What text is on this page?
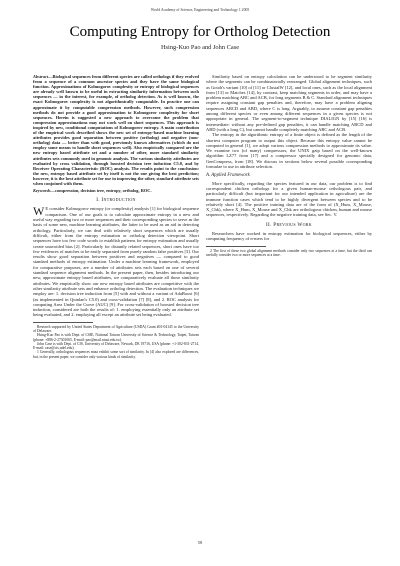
World Academy of Science, Engineering and Technology 1 2005
Computing Entropy for Ortholog Detection
Hsing-Kuo Pao and John Case
Abstract—Biological sequences from different species are called orthologs if they evolved from a sequence of a common ancestor species and they have the same biological function. Approximations of Kolmogorov complexity or entropy of biological sequences are already well known to be useful in extracting similarity information between such sequences — in the interest, for example, of ortholog detection. As is well known, the exact Kolmogorov complexity is not algorithmically computable. In practice one can approximate it by computable compression methods. However, such compression methods do not provide a good approximation to Kolmogorov complexity for short sequences. Herein is suggested a new approach to overcome the problem that compression approximations may not work well on short sequences. This approach is inspired by new, conditional computations of Kolmogorov entropy. A main contribution of the empirical work described shows the new set of entropy-based machine learning attributes provides good separation between positive (ortholog) and negative (non-ortholog) data — better than with good, previously known alternatives (which do not employ some means to handle short sequences well). Also empirically compared are the new entropy based attribute set and a number of other, more standard similarity attributes sets commonly used in genomic analysis. The various similarity attributes are evaluated by cross validation, through boosted decision tree induction C5.0, and by Receiver Operating Characteristic (ROC) analysis. The results point to the conclusion: the new, entropy based attribute set by itself is not the one giving the best prediction; however, it is the best attribute set for use in improving the other, standard attribute sets when conjoined with them.
Keywords—compression, decision tree, entropy, ortholog, ROC.
I. Introduction

W E consider Kolmogorov entropy (or complexity) analysis [1] for biological sequence comparison. One of our goals is to calculate approximate entropy in a new and useful way regarding two or more sequences and their corresponding species to serve as the basis of some new, machine learning attributes, the latter to be used as an aid in detecting orthology. Particularly, we can deal with relatively short sequences which are usually difficult, either from the entropy estimation or ortholog detection viewpoint. Short sequences have too few code words to establish patterns for entropy estimation and usually create unavoided bias [2]. Particularly for distantly related sequences, short ones have too few evidences of matches to be easily separated from purely random false positives [3]. Our results show good separation between positives and negatives — compared to good standard methods of entropy estimation. Under a machine learning framework, employed for comparative purposes, are a number of attributes sets each based on one of several standard sequence alignment methods. In the present paper, then, besides introducing our new, approximate entropy based attributes, we comparatively evaluate all those similarity attributes. We empirically show our new entropy based attributes are competitive with the other similarity attribute sets and enhance ortholog detection. The evaluation techniques we employ are: 1. decision tree induction from [5] with and without a variant of AdaBoost [6] (as implemented in Quinlan's C5.0) and cross-validation [7] [8], and 2. ROC analysis for computing Area Under the Curve (AUC) [9]. For cross-validation of boosted decision tree induction, considered are both the results of: 1. employing essentially only an attribute set being evaluated, and 2. employing all except an attribute set being evaluated.

Research supported by United States Department of Agriculture (USDA) Grant #01-04145 to the University of Delaware.

Hsing-Kuo Pao is with Dept. of CSIE, National Taiwan University of Science & Technology, Taipei, Taiwan (phone: +886-2-27301065, E-mail: pao@mail.ntust.edu.tw).

John Case is with Dept. of CIS, University of Delaware, Newark, DE 19716, USA (phone: +1-302-831-2714, E-mail: case@cis.udel.edu).

1 Generally, orthologous sequences must exhibit some sort of similarity. In [4] also explored are differences, but, in the present paper, we consider only various kinds of similarity.

Similarity based on entropy calculation can be understood to be segment similarity where the segments can be combinatorially rearranged. Global alignment techniques, such as Gotoh's variant [10] of [11] or ClustalW [12], and local ones, such as the local alignment from [13] or Matches [14], by contrast, keep matching segments in order, and may have a problem matching ABC and ACB, for long segments B & C. Standard alignment techniques require assigning constant gap penalties and, therefore, may have a problem aligning sequences ABCD and ABD, where C is long. Arguably, to assume constant gap penalties among different species or even among different sequences in a given species is not appropriate in general. The segment-to-segment technique DIALIGN by [15] [16] is intermediate: without any pre-defined gap penalties, it can handle matching ABCD and ABD (with a long C), but cannot handle completely matching ABC and ACB.

The entropy in the algorithmic entropy of a finite object is defined as the length of the shortest computer program to output this object. Because this entropy value cannot be computed in general [1], we adopt various compression methods to approximate its value. We examine two (of many) compressors, the UNIX gzip based on the well-known algorithm LZ77 from [17] and a compressor specially designed for genomic data, GenCompress, from [18]. We discuss in sections below several possible corresponding formulae to use in attribute selection.

A. Applied Framework

More specifically, regarding the species featured in our data, our problem is to find correspondent chicken orthologs for a given human-mouse orthologous pair, and particularly difficult (but important for our intended application in agriculture) are the immune function cases which tend to be highly divergent between species and to be relatively short [4]. The positive training data are of the form of (X_Hum, X_Mouse, X_Chk), where X_Hum, X_Mouse and X_Chk are orthologous chicken, human and mouse sequences, respectively. Regarding the negative training data, see Sec. V.

II. Previous Work

Researchers have worked in entropy estimation for biological sequences, either by computing frequency of n-mers for

2 The first of these two global alignment methods consider only two sequences at a time, but the third can usefully consider two or more sequences at a time.

58
